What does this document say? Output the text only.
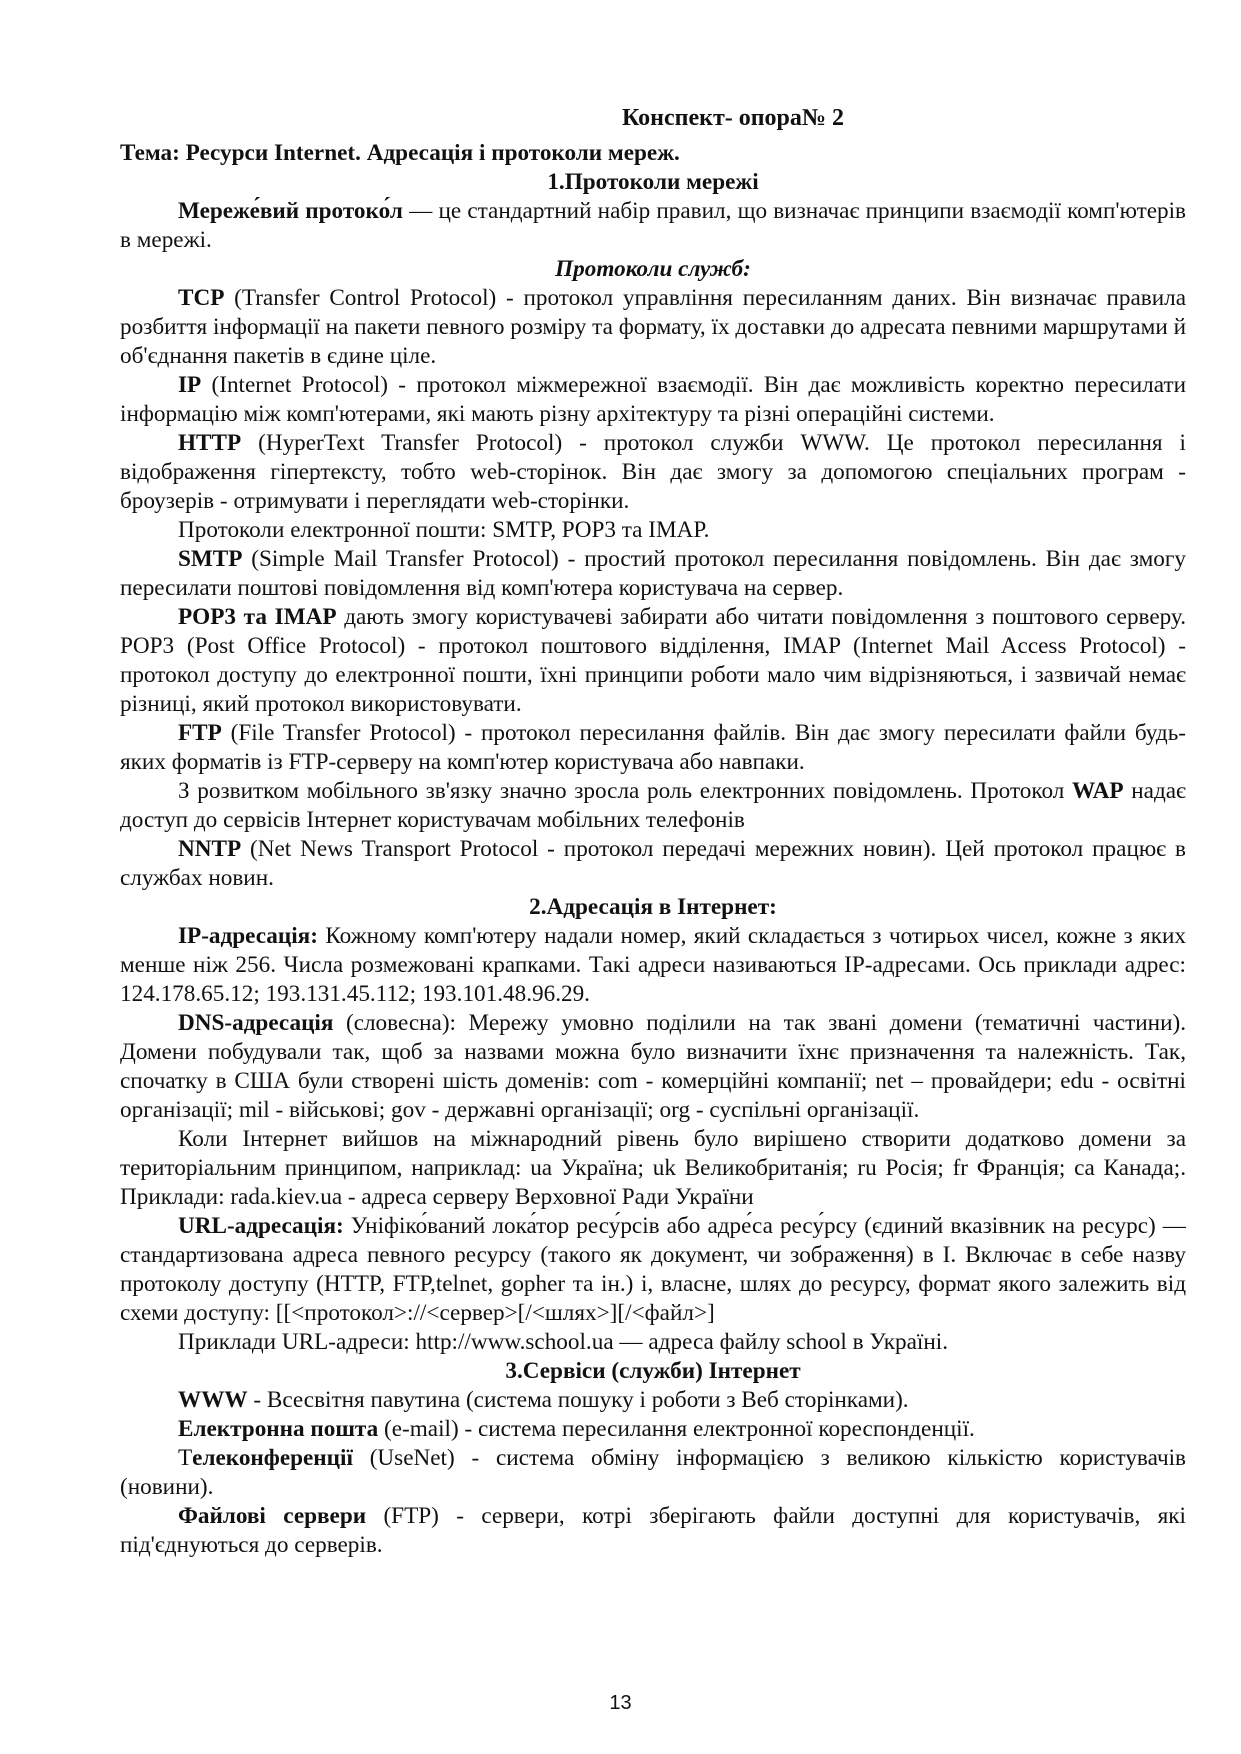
Конспект- опора№ 2

Тема: Ресурси Internet. Адресація і протоколи мереж.

1.Протоколи мережі

Мереже́вий протоко́л — це стандартний набір правил, що визначає принципи взаємодії комп'ютерів в мережі.

Протоколи служб:

TCP (Transfer Control Protocol) - протокол управління пересиланням даних. Він визначає правила розбиття інформації на пакети певного розміру та формату, їх доставки до адресата певними маршрутами й об'єднання пакетів в єдине ціле.

IP (Internet Protocol) - протокол міжмережної взаємодії. Він дає можливість коректно пересилати інформацію між комп'ютерами, які мають різну архітектуру та різні операційні системи.

HTTP (HyperText Transfer Protocol) - протокол служби WWW. Це протокол пересилання і відображення гіпертексту, тобто web-сторінок. Він дає змогу за допомогою спеціальних програм - броузерів - отримувати і переглядати web-сторінки.

Протоколи електронної пошти: SMTP, POP3 та IMAP.

SMTP (Simple Mail Transfer Protocol) - простий протокол пересилання повідомлень. Він дає змогу пересилати поштові повідомлення від комп'ютера користувача на сервер.

POP3 та IMAP дають змогу користувачеві забирати або читати повідомлення з поштового серверу. POP3 (Post Office Protocol) - протокол поштового відділення, IMAP (Internet Mail Access Protocol) - протокол доступу до електронної пошти, їхні принципи роботи мало чим відрізняються, і зазвичай немає різниці, який протокол використовувати.

FTP (File Transfer Protocol) - протокол пересилання файлів. Він дає змогу пересилати файли будь-яких форматів із FTP-серверу на комп'ютер користувача або навпаки.

З розвитком мобільного зв'язку значно зросла роль електронних повідомлень. Протокол WAP надає доступ до сервісів Інтернет користувачам мобільних телефонів

NNTP (Net News Transport Protocol - протокол передачі мережних новин). Цей протокол працює в службах новин.

2.Адресація в Інтернет:

IP-адресація: Кожному комп'ютеру надали номер, який складається з чотирьох чисел, кожне з яких менше ніж 256. Числа розмежовані крапками. Такі адреси називаються IP-адресами. Ось приклади адрес: 124.178.65.12; 193.131.45.112; 193.101.48.96.29.

DNS-адресація (словесна): Мережу умовно поділили на так звані домени (тематичні частини). Домени побудували так, щоб за назвами можна було визначити їхнє призначення та належність. Так, спочатку в США були створені шість доменів: com - комерційні компанії; net – провайдери; edu - освітні організації; mil - військові; gov - державні організації; org - суспільні організації.

Коли Інтернет вийшов на міжнародний рівень було вирішено створити додатково домени за територіальним принципом, наприклад: ua Україна; uk Великобританія; ru Росія; fr Франція; ca Канада;. Приклади: rada.kiev.ua - адреса серверу Верховної Ради України

URL-адресація: Уніфіко́ваний лока́тор ресу́рсів або адре́са ресу́рсу (єдиний вказівник на ресурс) — стандартизована адреса певного ресурсу (такого як документ, чи зображення) в І. Включає в себе назву протоколу доступу (HTTP, FTP,telnet, gopher та ін.) і, власне, шлях до ресурсу, формат якого залежить від схеми доступу: [[<протокол>://<сервер>[/<шлях>][/<файл>]

Приклади URL-адреси: http://www.school.ua — адреса файлу school в Україні.

3.Сервіси (служби) Інтернет

WWW - Всесвітня павутина (система пошуку і роботи з Веб сторінками).

Електронна пошта (e-mail) - система пересилання електронної кореспонденції.

Телеконференції (UseNet) - система обміну інформацією з великою кількістю користувачів (новини).

Файлові сервери (FTP) - сервери, котрі зберігають файли доступні для користувачів, які під'єднуються до серверів.

13
